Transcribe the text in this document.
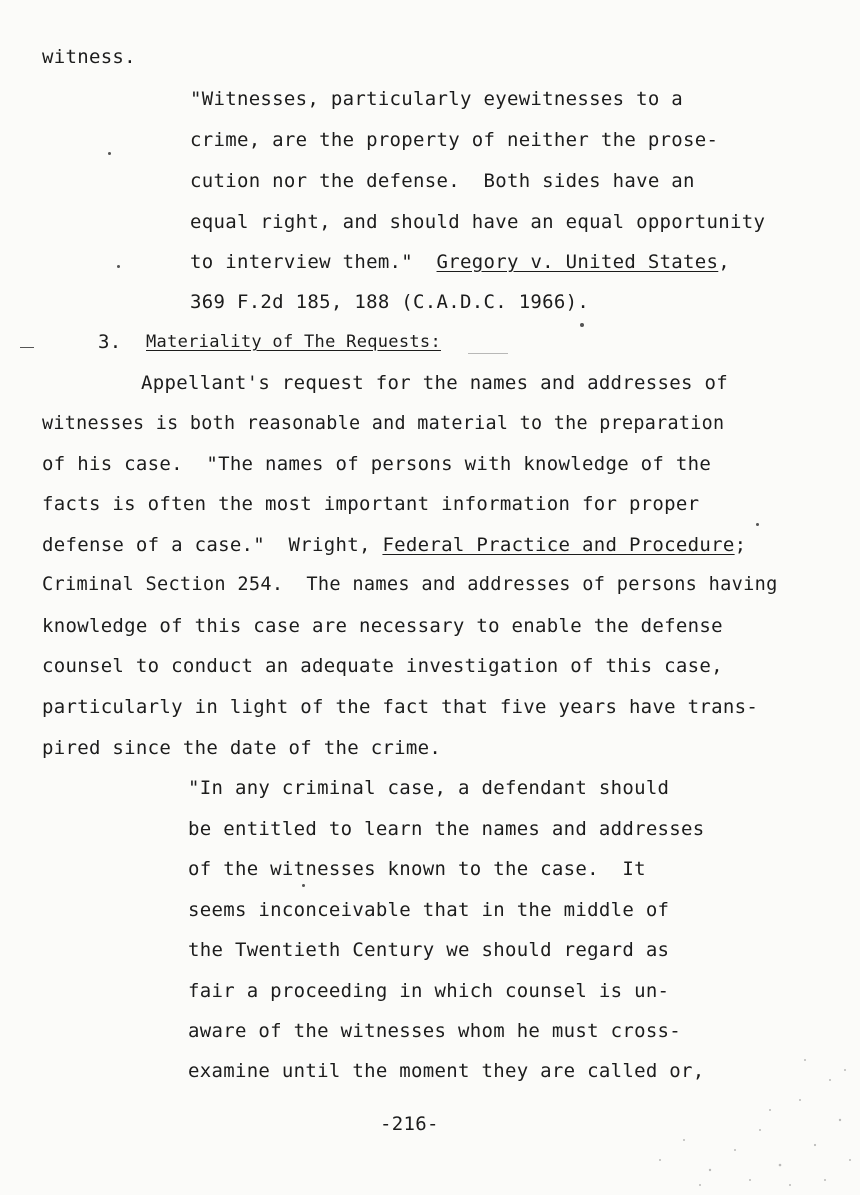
witness.
"Witnesses, particularly eyewitnesses to a
crime, are the property of neither the prose-
cution nor the defense.  Both sides have an
equal right, and should have an equal opportunity
to interview them."  Gregory v. United States,
369 F.2d 185, 188 (C.A.D.C. 1966).
3. Materiality of The Requests:
Appellant's request for the names and addresses of
witnesses is both reasonable and material to the preparation
of his case.  "The names of persons with knowledge of the
facts is often the most important information for proper
defense of a case."  Wright, Federal Practice and Procedure;
Criminal Section 254.  The names and addresses of persons having
knowledge of this case are necessary to enable the defense
counsel to conduct an adequate investigation of this case,
particularly in light of the fact that five years have trans-
pired since the date of the crime.
"In any criminal case, a defendant should
be entitled to learn the names and addresses
of the witnesses known to the case.  It
seems inconceivable that in the middle of
the Twentieth Century we should regard as
fair a proceeding in which counsel is un-
aware of the witnesses whom he must cross-
examine until the moment they are called or,
-216-
